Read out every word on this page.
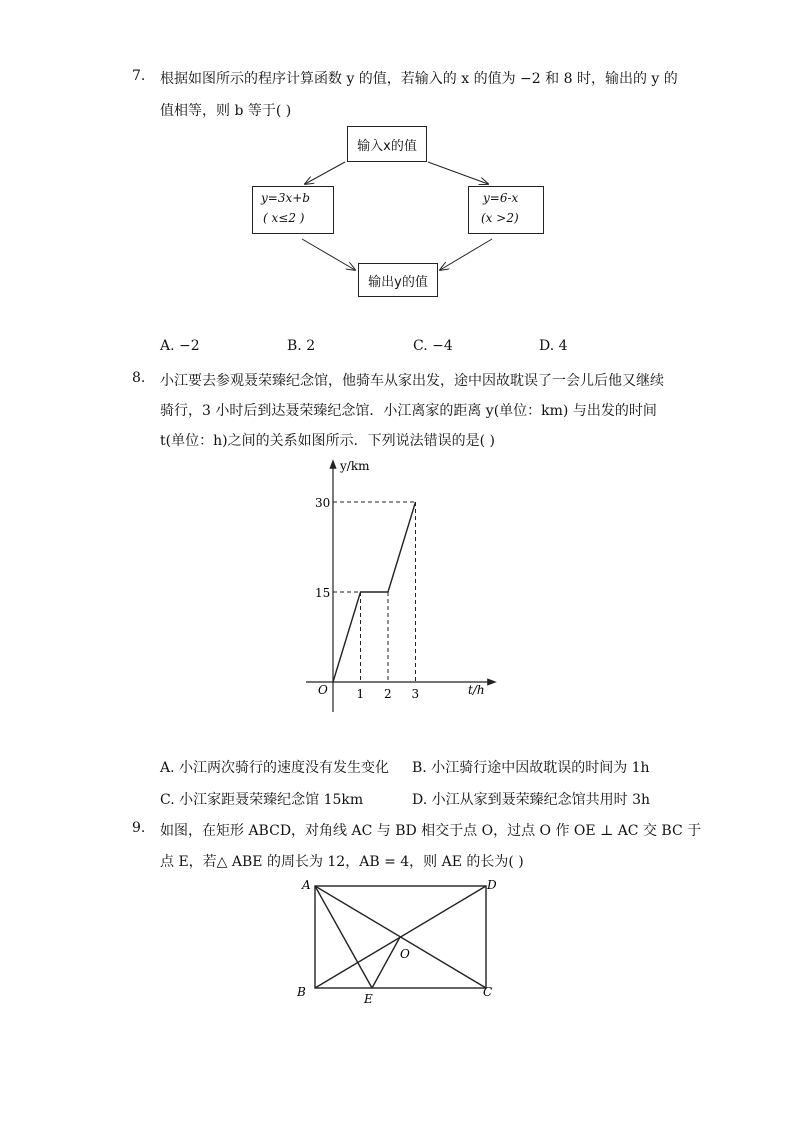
7. 根据如图所示的程序计算函数 y 的值，若输入的 x 的值为 −2 和 8 时，输出的 y 的
值相等，则 b 等于( )
输入x的值
y=3x+b
( x≤2 )
y=6-x
(x >2)
输出y的值
A. −2	B. 2	C. −4	D. 4
8. 小江要去参观聂荣臻纪念馆，他骑车从家出发，途中因故耽误了一会儿后他又继续
骑行，3 小时后到达聂荣臻纪念馆．小江离家的距离 y(单位：km) 与出发的时间
t(单位：h)之间的关系如图所示．下列说法错误的是( )
y/km
t/h
O
15
30
1 2 3
A. 小江两次骑行的速度没有发生变化 B. 小江骑行途中因故耽误的时间为 1h
C. 小江家距聂荣臻纪念馆 15km	D. 小江从家到聂荣臻纪念馆共用时 3h
9. 如图，在矩形 ABCD，对角线 AC 与 BD 相交于点 O，过点 O 作 OE ⊥ AC 交 BC 于
点 E，若△ ABE 的周长为 12，AB = 4，则 AE 的长为( )
A	D
B	C
O
E
